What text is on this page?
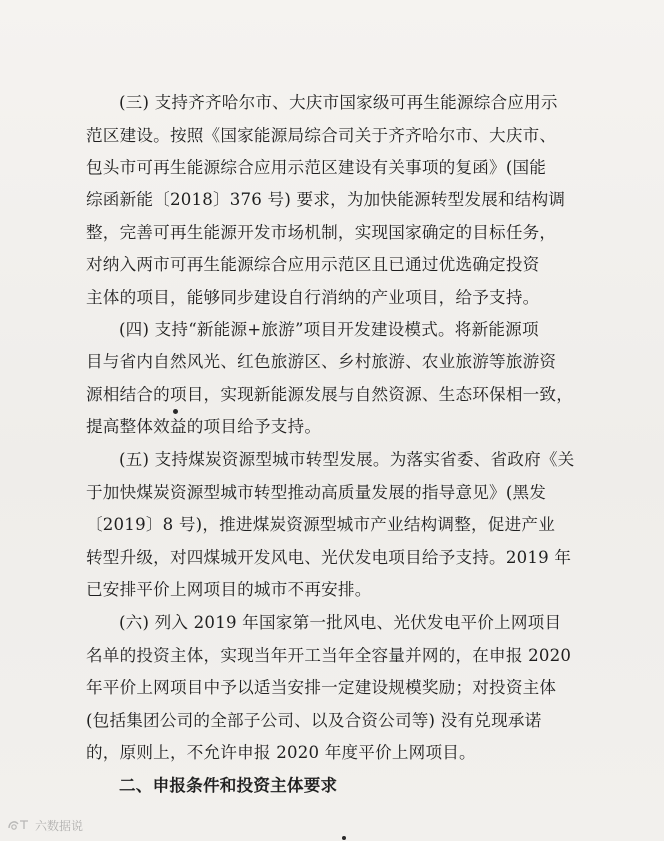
(三) 支持齐齐哈尔市、大庆市国家级可再生能源综合应用示
范区建设。按照《国家能源局综合司关于齐齐哈尔市、大庆市、
包头市可再生能源综合应用示范区建设有关事项的复函》(国能
综函新能〔2018〕376 号) 要求，为加快能源转型发展和结构调
整，完善可再生能源开发市场机制，实现国家确定的目标任务，
对纳入两市可再生能源综合应用示范区且已通过优选确定投资
主体的项目，能够同步建设自行消纳的产业项目，给予支持。
(四) 支持“新能源+旅游”项目开发建设模式。将新能源项
目与省内自然风光、红色旅游区、乡村旅游、农业旅游等旅游资
源相结合的项目，实现新能源发展与自然资源、生态环保相一致，
提高整体效益的项目给予支持。
(五) 支持煤炭资源型城市转型发展。为落实省委、省政府《关
于加快煤炭资源型城市转型推动高质量发展的指导意见》(黑发
〔2019〕8 号)，推进煤炭资源型城市产业结构调整，促进产业
转型升级，对四煤城开发风电、光伏发电项目给予支持。2019 年
已安排平价上网项目的城市不再安排。
(六) 列入 2019 年国家第一批风电、光伏发电平价上网项目
名单的投资主体，实现当年开工当年全容量并网的，在申报 2020
年平价上网项目中予以适当安排一定建设规模奖励；对投资主体
(包括集团公司的全部子公司、以及合资公司等) 没有兑现承诺
的，原则上，不允许申报 2020 年度平价上网项目。
二、申报条件和投资主体要求
六数据说
